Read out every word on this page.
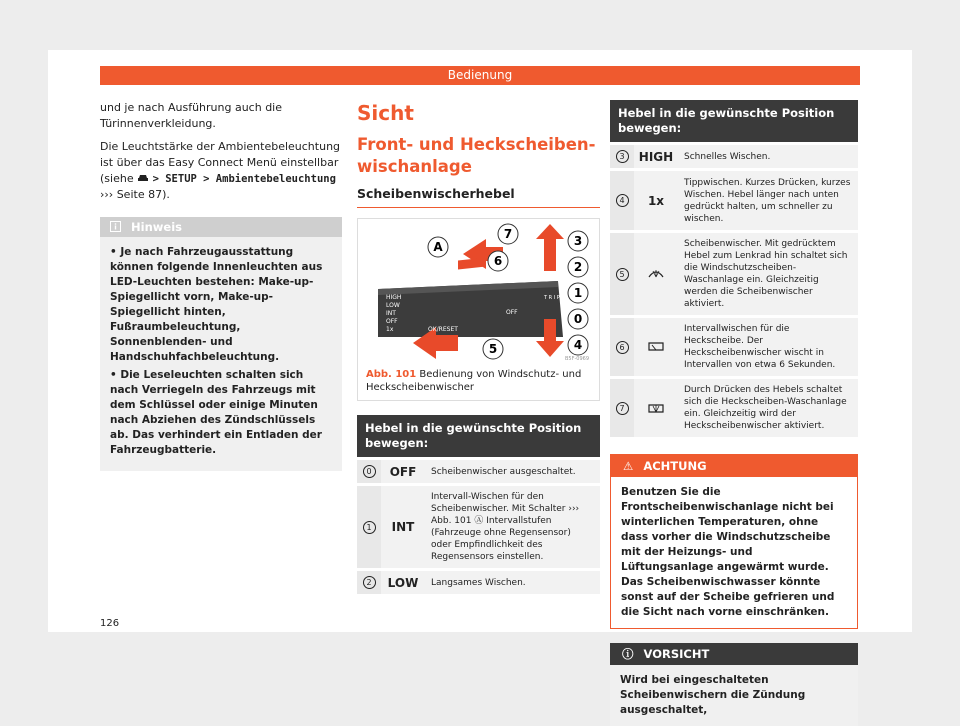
Bedienung

und je nach Ausführung auch die Türinnenverkleidung.

Die Leuchtstärke der Ambientebeleuchtung ist über das Easy Connect Menü einstellbar (siehe > SETUP > Ambientebeleuchtung ››› Seite 87).

Hinweis
• Je nach Fahrzeugausstattung können folgende Innenleuchten aus LED-Leuchten bestehen: Make-up-Spiegellicht vorn, Make-up-Spiegellicht hinten, Fußraumbeleuchtung, Sonnenblenden- und Handschuhfachbeleuchtung.
• Die Leseleuchten schalten sich nach Verriegeln des Fahrzeugs mit dem Schlüssel oder einige Minuten nach Abziehen des Zündschlüssels ab. Das verhindert ein Entladen der Fahrzeugbatterie.
Sicht
Front- und Heckscheiben-wischanlage
Scheibenwischerhebel
A
7
6
3
2
1
0
4
5
HIGH
LOW
INT
OFF
1x	OK/RESET
OFF
T R I P
B5F-0969
Abb. 101 Bedienung von Windschutz- und Heckscheibenwischer
Hebel in die gewünschte Position bewegen:		
0	OFF	Scheibenwischer ausgeschaltet.
1	INT	Intervall-Wischen für den Scheibenwischer. Mit Schalter ››› Abb. 101 Ⓐ Intervallstufen (Fahrzeuge ohne Regensensor) oder Empfindlichkeit des Regensensors einstellen.
2	LOW	Langsames Wischen.
Hebel in die gewünschte Position bewegen:		
3	HIGH	Schnelles Wischen.
4	1x	Tippwischen. Kurzes Drücken, kurzes Wischen. Hebel länger nach unten gedrückt halten, um schneller zu wischen.
5		Scheibenwischer. Mit gedrücktem Hebel zum Lenkrad hin schaltet sich die Windschutzscheiben-Waschanlage ein. Gleichzeitig werden die Scheibenwischer aktiviert.
6		Intervallwischen für die Heckscheibe. Der Heckscheibenwischer wischt in Intervallen von etwa 6 Sekunden.
7		Durch Drücken des Hebels schaltet sich die Heckscheiben-Waschanlage ein. Gleichzeitig wird der Heckscheibenwischer aktiviert.
⚠ ACHTUNG
Benutzen Sie die Frontscheibenwischanlage nicht bei winterlichen Temperaturen, ohne dass vorher die Windschutzscheibe mit der Heizungs- und Lüftungsanlage angewärmt wurde. Das Scheibenwischwasser könnte sonst auf der Scheibe gefrieren und die Sicht nach vorne einschränken.
ⓘ VORSICHT
Wird bei eingeschalteten Scheibenwischern die Zündung ausgeschaltet,
126
